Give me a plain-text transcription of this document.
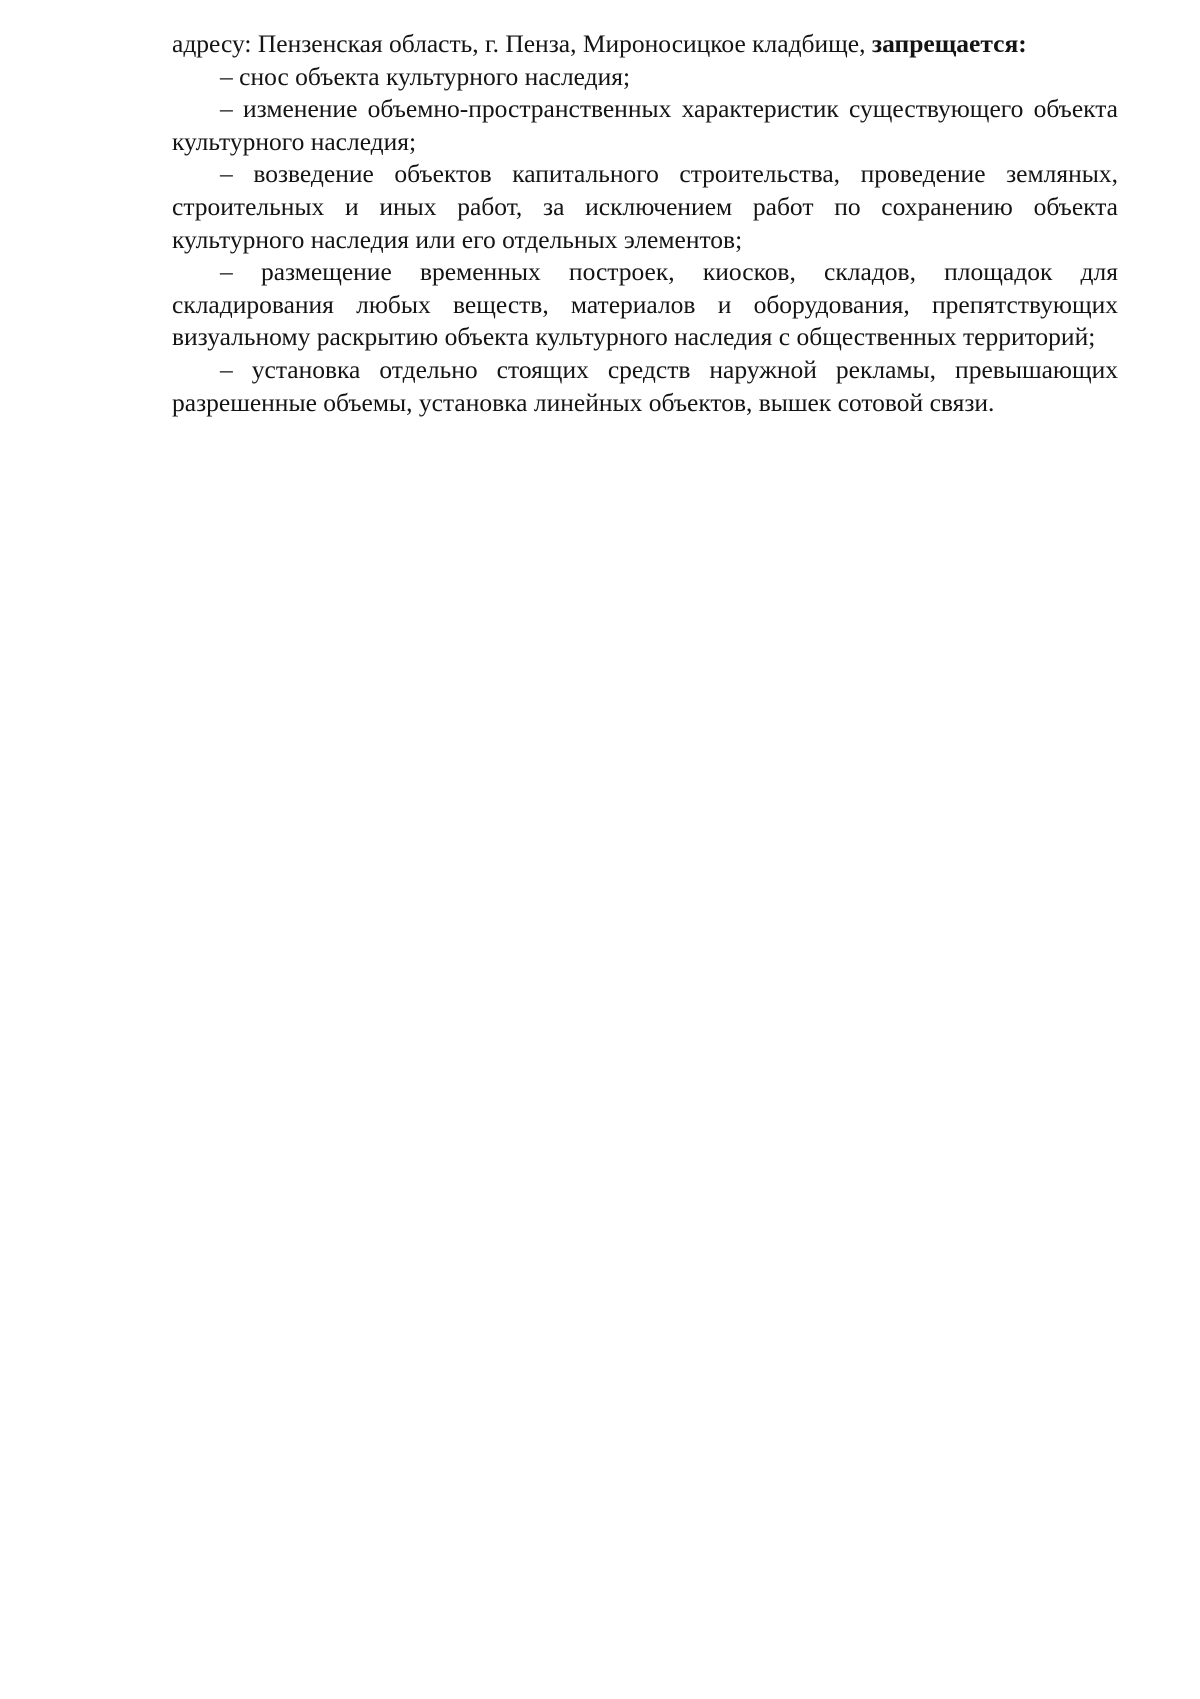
адресу: Пензенская область, г. Пенза, Мироносицкое кладбище, запрещается:

– снос объекта культурного наследия;

– изменение объемно-пространственных характеристик существующего объекта культурного наследия;

– возведение объектов капитального строительства, проведение земляных, строительных и иных работ, за исключением работ по сохранению объекта культурного наследия или его отдельных элементов;

– размещение временных построек, киосков, складов, площадок для складирования любых веществ, материалов и оборудования, препятствующих визуальному раскрытию объекта культурного наследия с общественных территорий;

– установка отдельно стоящих средств наружной рекламы, превышающих разрешенные объемы, установка линейных объектов, вышек сотовой связи.
